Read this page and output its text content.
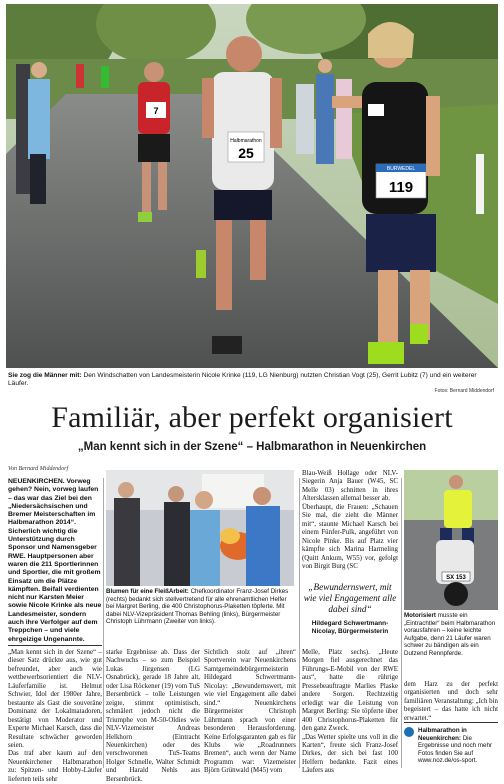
7
Halbmarathon
25
BURWEDEL
119
Sie zog die Männer mit: Den Windschatten von Landesmeisterin Nicole Krinke (119, LG Nienburg) nutzten Christian Vogt (25), Gerrit Lubitz (7) und ein weiterer Läufer.
Fotos: Bernard Middendorf
Familiär, aber perfekt organisiert
„Man kennt sich in der Szene“ – Halbmarathon in Neuenkirchen
Von Bernard Middendorf
NEUENKIRCHEN. Vorweg gehen? Nein, vorweg laufen – das war das Ziel bei den „Niedersächsischen und Bremer Meisterschaften im Halbmarathon 2014“. Sicherlich wichtig die Unterstützung durch Sponsor und Namensgeber RWE. Hauptpersonen aber waren die 211 Sportlerinnen und Sportler, die mit großem Einsatz um die Plätze kämpften. Beifall verdienten nicht nur Karsten Meier sowie Nicole Krinke als neue Landesmeister, sondern auch ihre Verfolger auf dem Treppchen – und viele ehrgeizige Ungenannte.
„Man kennt sich in der Szene“ – dieser Satz drückte aus, wie gut befreundet, aber auch wie wettbewerbsorientiert die NLV-Läuferfamilie ist. Helmut Schwier, Idol der 1980er Jahre, bestaunte als Gast die souveräne Dominanz der Lokalmatadoren, bestätigt von Moderator und Experte Michael Karsch, dass die Resultate schwächer geworden seien.
Das traf aber kaum auf den Neuenkirchener Halbmarathon zu: Spitzen- und Hobby-Läufer lieferten teils sehr
Blumen für eine FleißArbeit: Chefkoordinator Franz-Josef Dirkes (rechts) bedankt sich stellvertretend für alle ehrenamtlichen Helfer bei Margret Berling, die 400 Christophorus-Plaketten töpferte. Mit dabei NLV-Vizepräsident Thomas Behling (links), Bürgermeister Christoph Lührmann (Zweiter von links).
starke Ergebnisse ab. Dass der Nachwuchs – so zum Beispiel Lukas Jürgensen (LG Osnabrück), gerade 18 Jahre alt, oder Lisa Röckener (19) vom TuS Bersenbrück – tolle Leistungen zeigte, stimmt optimistisch, schmälert jedoch nicht die Triumphe von M-50-Oldies wie NLV-Vizemeister Andreas Helkhorn (Eintracht Neuenkirchen) oder des verschworenen TuS-Teams Holger Schnelle, Walter Schmidt und Harald Nehls aus Bersenbrück.
Sichtlich stolz auf „ihren“ Sportverein war Neuenkirchens Samtgemeindebürgermeisterin Hildegard Schwertmann-Nicolay: „Bewundernswert, mit wie viel Engagement alle dabei sind.“ Neuenkirchens Bürgermeister Christoph Lührmann sprach von einer besonderen Herausforderung. Keine Erfolgsgaranten gab es für Klubs wie „Roadrunners Bremen“, auch wenn der Name Programm war: Vizemeister Björn Grünwald (M45) vom
Blau-Weiß Hollage oder NLV-Siegerin Anja Bauer (W45, SC Melle 03) schnitten in ihres Altersklassen allemal besser ab.
Überhaupt, die Frauen: „Schauen Sie mal, die zieht die Männer mit“, staunte Michael Karsch bei einem Fünfer-Pulk, angeführt von Nicole Pinke. Bis auf Platz vier kämpfte sich Marina Harmeling (Quitt Ankum, W55) vor, gefolgt von Birgit Burg (SC
„Bewundernswert, mit wie viel Engagement alle dabei sind“
Hildegard Schwertmann-
Nicolay, Bürgermeisterin
Melle, Platz sechs). „Heute Morgen fiel ausgerechnet das Führungs-E-Mobil von der RWE aus“, hatte die rührige Pressebeauftragte Marlies Plaske andere Sorgen. Rechtzeitig erledigt war die Leistung von Margret Berling: Sie töpferte über 400 Christophorus-Plaketten für den ganz Zweck.
„Das Wetter spielte uns voll in die Karten“, freute sich Franz-Josef Dirkes, der sich bei fast 100 Helfern bedankte. Fazit eines Läufers aus
SX 153
Motorisiert musste ein „Eintrachtler“ beim Halbmarathon vorausfahren – keine leichte Aufgabe, denn 21 Läufer waren schwer zu bändigen als ein Dutzend Rennpferde.
dem Harz zu der perfekt organisierten und doch sehr familiären Veranstaltung: „Ich bin begeistert – das hatte ich nicht erwartet.“
Halbmarathon in Neuenkirchen: Die Ergebnisse und noch mehr Fotos finden Sie auf www.noz.de/os-sport.
